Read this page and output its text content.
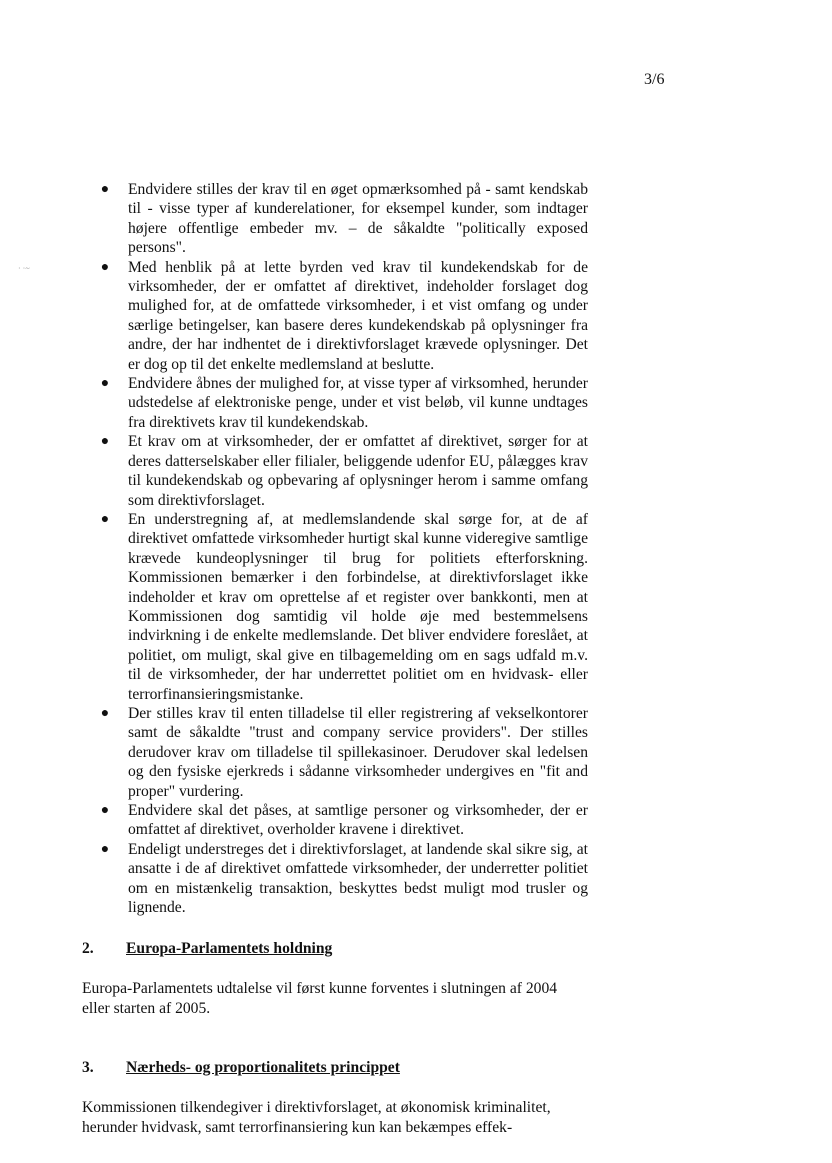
· ·~
3/6
● Endvidere stilles der krav til en øget opmærksomhed på - samt kendskab til - visse typer af kunderelationer, for eksempel kunder, som indtager højere offentlige embeder mv. – de såkaldte "politically exposed persons".
● Med henblik på at lette byrden ved krav til kundekendskab for de virksomheder, der er omfattet af direktivet, indeholder forslaget dog mulighed for, at de omfattede virksomheder, i et vist omfang og under særlige betingelser, kan basere deres kundekendskab på oplysninger fra andre, der har indhentet de i direktivforslaget krævede oplysninger. Det er dog op til det enkelte medlemsland at beslutte.
● Endvidere åbnes der mulighed for, at visse typer af virksomhed, herunder udstedelse af elektroniske penge, under et vist beløb, vil kunne undtages fra direktivets krav til kundekendskab.
● Et krav om at virksomheder, der er omfattet af direktivet, sørger for at deres datterselskaber eller filialer, beliggende udenfor EU, pålægges krav til kundekendskab og opbevaring af oplysninger herom i samme omfang som direktivforslaget.
● En understregning af, at medlemslandende skal sørge for, at de af direktivet omfattede virksomheder hurtigt skal kunne videregive samtlige krævede kundeoplysninger til brug for politiets efterforskning. Kommissionen bemærker i den forbindelse, at direktivforslaget ikke indeholder et krav om oprettelse af et register over bankkonti, men at Kommissionen dog samtidig vil holde øje med bestemmelsens indvirkning i de enkelte medlemslande. Det bliver endvidere foreslået, at politiet, om muligt, skal give en tilbagemelding om en sags udfald m.v. til de virksomheder, der har underrettet politiet om en hvidvask- eller terrorfinansieringsmistanke.
● Der stilles krav til enten tilladelse til eller registrering af vekselkontorer samt de såkaldte "trust and company service providers". Der stilles derudover krav om tilladelse til spillekasinoer. Derudover skal ledelsen og den fysiske ejerkreds i sådanne virksomheder undergives en "fit and proper" vurdering.
● Endvidere skal det påses, at samtlige personer og virksomheder, der er omfattet af direktivet, overholder kravene i direktivet.
● Endeligt understreges det i direktivforslaget, at landende skal sikre sig, at ansatte i de af direktivet omfattede virksomheder, der underretter politiet om en mistænkelig transaktion, beskyttes bedst muligt mod trusler og lignende.
2. Europa-Parlamentets holdning

Europa-Parlamentets udtalelse vil først kunne forventes i slutningen af 2004 eller starten af 2005.

3. Nærheds- og proportionalitets princippet

Kommissionen tilkendegiver i direktivforslaget, at økonomisk kriminalitet, herunder hvidvask, samt terrorfinansiering kun kan bekæmpes effek-
